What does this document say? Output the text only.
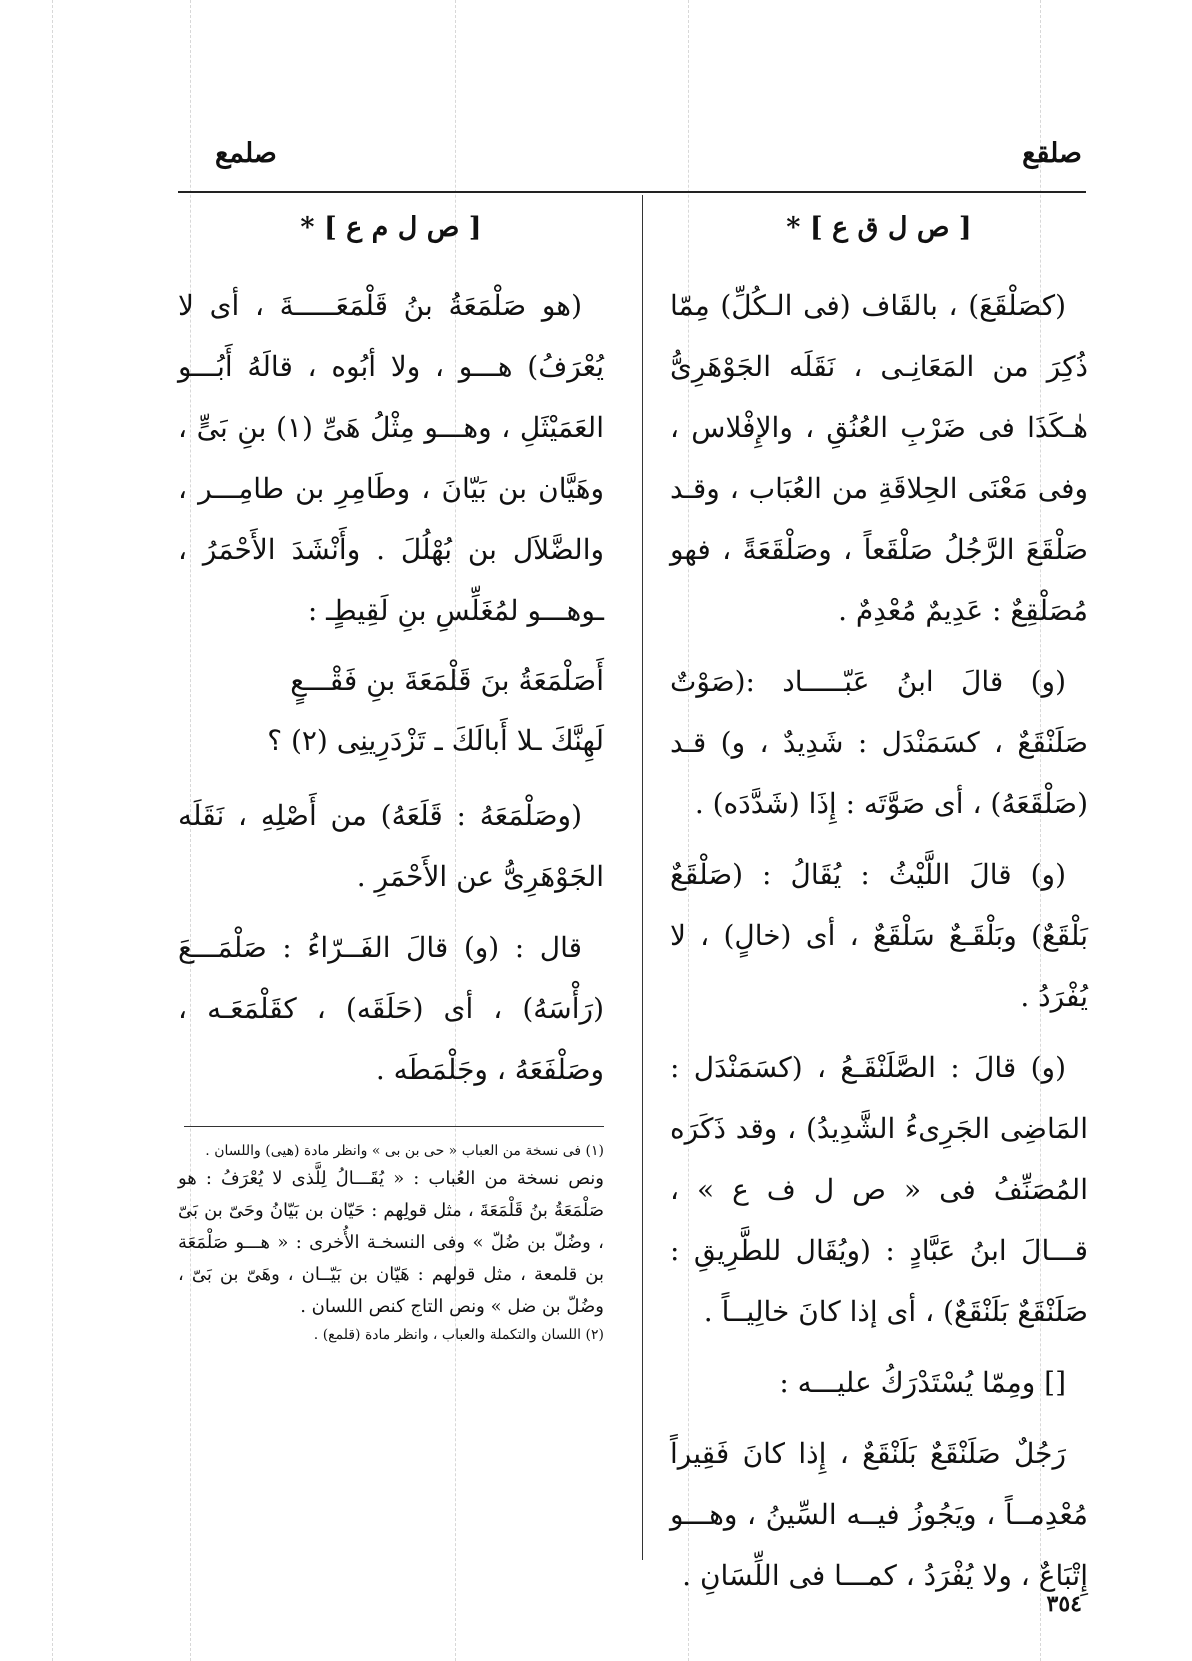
صلقع
صلمع
[ ص ل ق ع ] *

(كصَلْقَعَ) ، بالقَاف (فى الـكُلِّ) مِمّا ذُكِرَ من المَعَانِـى ، نَقَلَه الجَوْهَرِىُّ هٰـكَذَا فى ضَرْبِ العُنُقِ ، والإِفْلاس ، وفى مَعْنَى الحِلاقَةِ من العُبَاب ، وقـد صَلْقَعَ الرَّجُلُ صَلْقَعاً ، وصَلْقَعَةً ، فهو مُصَلْقِعٌ : عَدِيمٌ مُعْدِمٌ .

(و) قالَ ابنُ عَبّـــــاد :(صَوْتٌ صَلَنْقَعٌ ، كسَمَنْدَل : شَدِيدٌ ، و) قـد (صَلْقَعَهُ) ، أى صَوَّتَه : إِذَا (شَدَّدَه) .

(و) قالَ اللَّيْثُ : يُقَالُ : (صَلْقَعٌ بَلْقَعٌ) وبَلْقَـعٌ سَلْقَعٌ ، أى (خالٍ) ، لا يُفْرَدُ .

(و) قالَ : الصَّلَنْقَـعُ ، (كسَمَنْدَل : المَاضِى الجَرِىءُ الشَّدِيدُ) ، وقد ذَكَرَه المُصَنِّفُ فى « ص ل ف ع » ، قـــالَ ابنُ عَبَّادٍ : (ويُقَال للطَّرِيقِ : صَلَنْقَعٌ بَلَنْقَعٌ) ، أى إذا كانَ خالِيــاً .

[] ومِمّا يُسْتَدْرَكُ عليـــه :

رَجُلٌ صَلَنْقَعٌ بَلَنْقَعٌ ، إِذا كانَ فَقِيراً مُعْدِمــاً ، ويَجُوزُ فيــه السِّينُ ، وهـــو إِتْبَاعٌ ، ولا يُفْرَدُ ، كمـــا فى اللِّسَانِ .

[ ص ل م ع ] *

(هو صَلْمَعَةُ بنُ قَلْمَعَـــــةَ ، أى لا يُعْرَفُ) هـــو ، ولا أبُوه ، قالَهُ أَبُـــو العَمَيْثَلِ ، وهـــو مِثْلُ هَىِّ (١) بنِ بَىٍّ ، وهَيَّان بن بَيّانَ ، وطَامِرِ بن طامِـــر ، والضَّلاَل بن بُهْلُلَ . وأَنْشَدَ الأَحْمَرُ ، ـوهـــو لمُغَلِّسِ بنِ لَقِيطٍـ :

أَصَلْمَعَةُ بنَ قَلْمَعَةَ بنِ فَقْـــعٍ

لَهِنَّكَ ـلا أَبالَكَ ـ تَزْدَرِينِى (٢) ؟

(وصَلْمَعَهُ : قَلَعَهُ) من أَصْلِهِ ، نَقَلَه الجَوْهَرِىُّ عن الأَحْمَرِ .

قال : (و) قالَ الفَــرّاءُ : صَلْمَـــعَ (رَأْسَهُ) ، أى (حَلَقَه) ، كقَلْمَعَـه ، وصَلْفَعَهُ ، وجَلْمَطَه .

(١) فى نسخة من العباب « حى بن بى » وانظر مادة (هيى) واللسان .

ونص نسخة من العُباب : « يُقَـــالُ لِلَّذى لا يُعْرَفُ : هو صَلْمَعَةُ بنُ قَلْمَعَةَ ، مثل قولِهم : حَيّان بن بَيّانُ وحَىّ بن بَىّ ، وضُلّ بن ضُلّ » وفى النسخـة الأُخرى : « هـــو صَلْمَعَة بن قلمعة ، مثل قولهم : هَيّان بن بَيّــان ، وهَىّ بن بَىّ ، وضُلّ بن ضل » ونص التاج كنص اللسان .

(٢) اللسان والتكملة والعباب ، وانظر مادة (قلمع) .

٣٥٤
